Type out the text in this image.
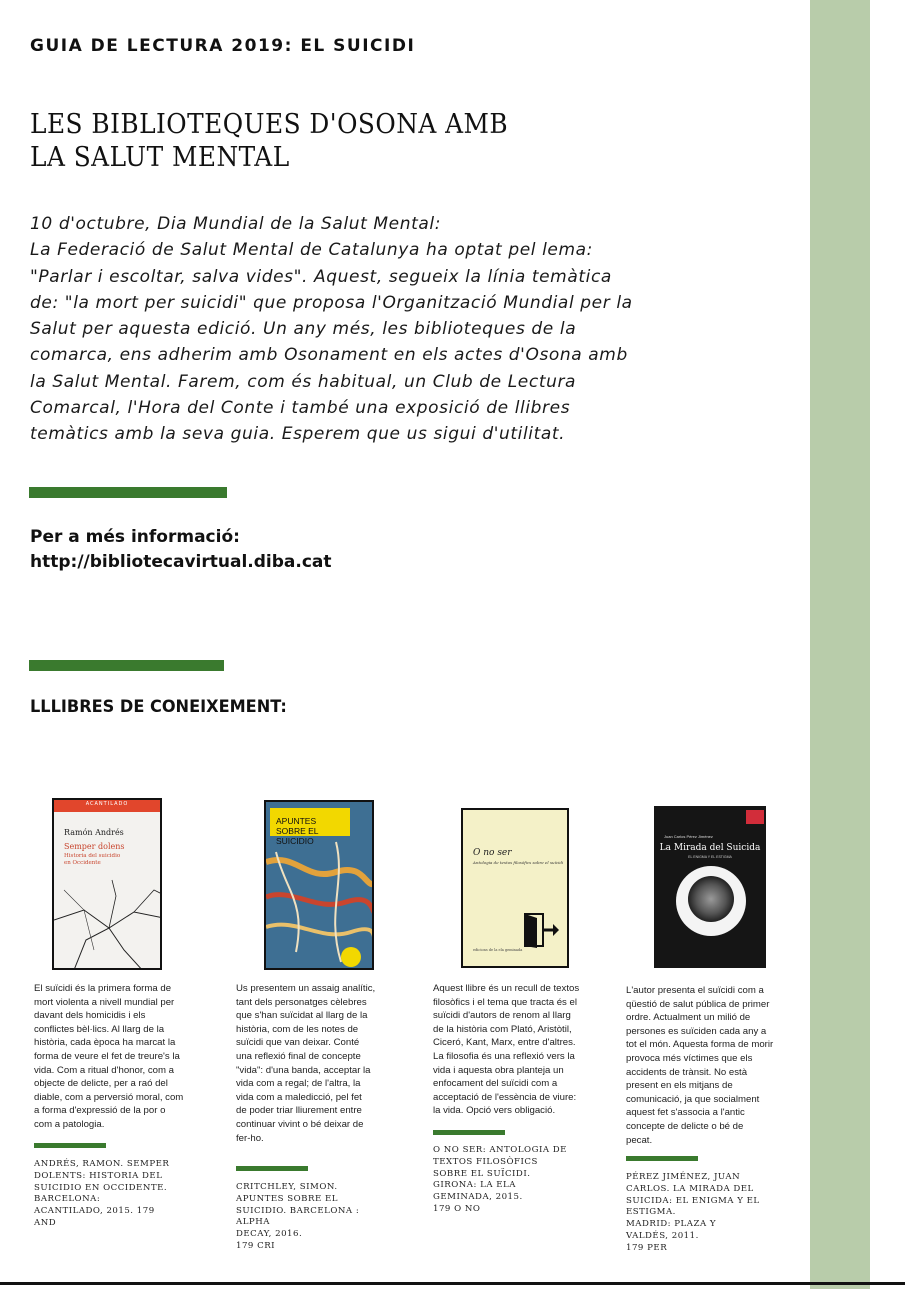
GUIA DE LECTURA 2019: EL SUICIDI
LES BIBLIOTEQUES D'OSONA AMB
LA SALUT MENTAL
10 d'octubre, Dia Mundial de la Salut Mental:
La Federació de Salut Mental de Catalunya ha optat pel lema:
"Parlar i escoltar, salva vides". Aquest, segueix la línia temàtica
de: "la mort per suicidi" que proposa l'Organització Mundial per la
Salut per aquesta edició. Un any més, les biblioteques de la
comarca, ens adherim amb Osonament en els actes d'Osona amb
la Salut Mental. Farem, com és habitual, un Club de Lectura
Comarcal, l'Hora del Conte i també una exposició de llibres
temàtics amb la seva guia. Esperem que us sigui d'utilitat.
Per a més informació:
http://bibliotecavirtual.diba.cat
LLLIBRES DE CONEIXEMENT:
ACANTILADO
Ramón Andrés
Semper dolens
Historia del suicidio
en Occidente
APUNTES
SOBRE EL SUICIDIO
O no ser
Antologia de textos filosòfics sobre el suïcidi
edicions de la ela geminada
Juan Carlos Pérez Jiménez
La Mirada del Suicida
EL ENIGMA Y EL ESTIGMA
El suïcidi és la primera forma de
mort violenta a nivell mundial per
davant dels homicidis i els
conflictes bèl·lics. Al llarg de la
història, cada època ha marcat la
forma de veure el fet de treure's la
vida. Com a ritual d'honor, com a
objecte de delicte, per a raó del
diable, com a perversió moral, com
a forma d'expressió de la por o
com a patologia.
Us presentem un assaig analític,
tant dels personatges cèlebres
que s'han suïcidat al llarg de la
història, com de les notes de
suïcidi que van deixar. Conté
una reflexió final de concepte
"vida": d'una banda, acceptar la
vida com a regal; de l'altra, la
vida com a maledicció, pel fet
de poder triar lliurement entre
continuar vivint o bé deixar de
fer-ho.
Aquest llibre és un recull de textos
filosòfics i el tema que tracta és el
suïcidi d'autors de renom al llarg
de la història com Plató, Aristòtil,
Ciceró, Kant, Marx, entre d'altres.
La filosofia és una reflexió vers la
vida i aquesta obra planteja un
enfocament del suïcidi com a
acceptació de l'essència de viure:
la vida. Opció vers obligació.
L'autor presenta el suïcidi com a
qüestió de salut pública de primer
ordre. Actualment un milió de
persones es suïciden cada any a
tot el món. Aquesta forma de morir
provoca més víctimes que els
accidents de trànsit. No està
present en els mitjans de
comunicació, ja que socialment
aquest fet s'associa a l'antic
concepte de delicte o bé de
pecat.
ANDRÉS, RAMON. SEMPER
DOLENTS: HISTORIA DEL
SUICIDIO EN OCCIDENTE.
BARCELONA:
ACANTILADO, 2015. 179
AND
CRITCHLEY, SIMON.
APUNTES SOBRE EL
SUICIDIO. BARCELONA :
ALPHA
DECAY, 2016.
179 CRI
O NO SER: ANTOLOGIA DE
TEXTOS FILOSÒFICS
SOBRE EL SUÏCIDI.
GIRONA: LA ELA
GEMINADA, 2015.
179 O NO
PÉREZ JIMÉNEZ, JUAN
CARLOS. LA MIRADA DEL
SUICIDA: EL ENIGMA Y EL
ESTIGMA.
MADRID: PLAZA Y
VALDÉS, 2011.
179 PER
